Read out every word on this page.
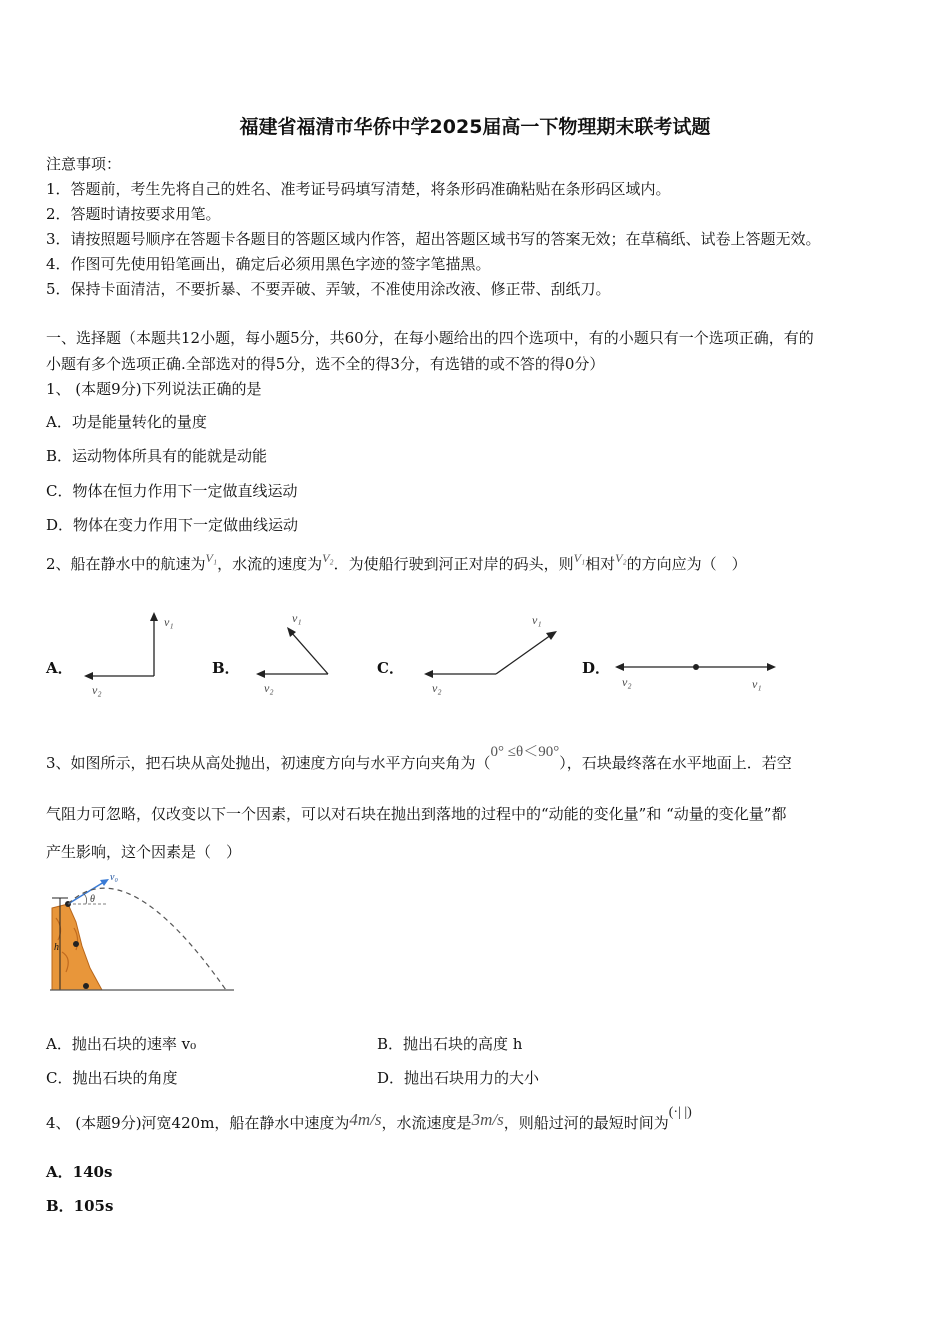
福建省福清市华侨中学2025届高一下物理期末联考试题
注意事项：
1．答题前，考生先将自己的姓名、准考证号码填写清楚，将条形码准确粘贴在条形码区域内。
2．答题时请按要求用笔。
3．请按照题号顺序在答题卡各题目的答题区域内作答，超出答题区域书写的答案无效；在草稿纸、试卷上答题无效。
4．作图可先使用铅笔画出，确定后必须用黑色字迹的签字笔描黑。
5．保持卡面清洁，不要折暴、不要弄破、弄皱，不准使用涂改液、修正带、刮纸刀。
一、选择题（本题共12小题，每小题5分，共60分，在每小题给出的四个选项中，有的小题只有一个选项正确，有的
小题有多个选项正确.全部选对的得5分，选不全的得3分，有选错的或不答的得0分）
1、 (本题9分)下列说法正确的是
A．功是能量转化的量度
B．运动物体所具有的能就是动能
C．物体在恒力作用下一定做直线运动
D．物体在变力作用下一定做曲线运动
2、船在静水中的航速为$^{V_1}$，水流的速度为$^{V_2}$．为使船行驶到河正对岸的码头，则$^{V_1}$相对$^{V_2}$的方向应为（　）
A．
v₁
v₂
B．
v₁
v₂
C．
v₁
v₂
D．
v₂	v₁
3、如图所示，把石块从高处抛出，初速度方向与水平方向夹角为（0° ≤θ＜90°），石块最终落在水平地面上．若空
气阻力可忽略，仅改变以下一个因素，可以对石块在抛出到落地的过程中的“动能的变化量”和 “动量的变化量”都
产生影响，这个因素是（　）
v₀
θ
h
A．抛出石块的速率 v₀	B．抛出石块的高度 h
C．抛出石块的角度	D．抛出石块用力的大小
4、 (本题9分)河宽420m，船在静水中速度为4m/s，水流速度是3m/s，则船过河的最短时间为(·| |)
A．140s
B．105s
